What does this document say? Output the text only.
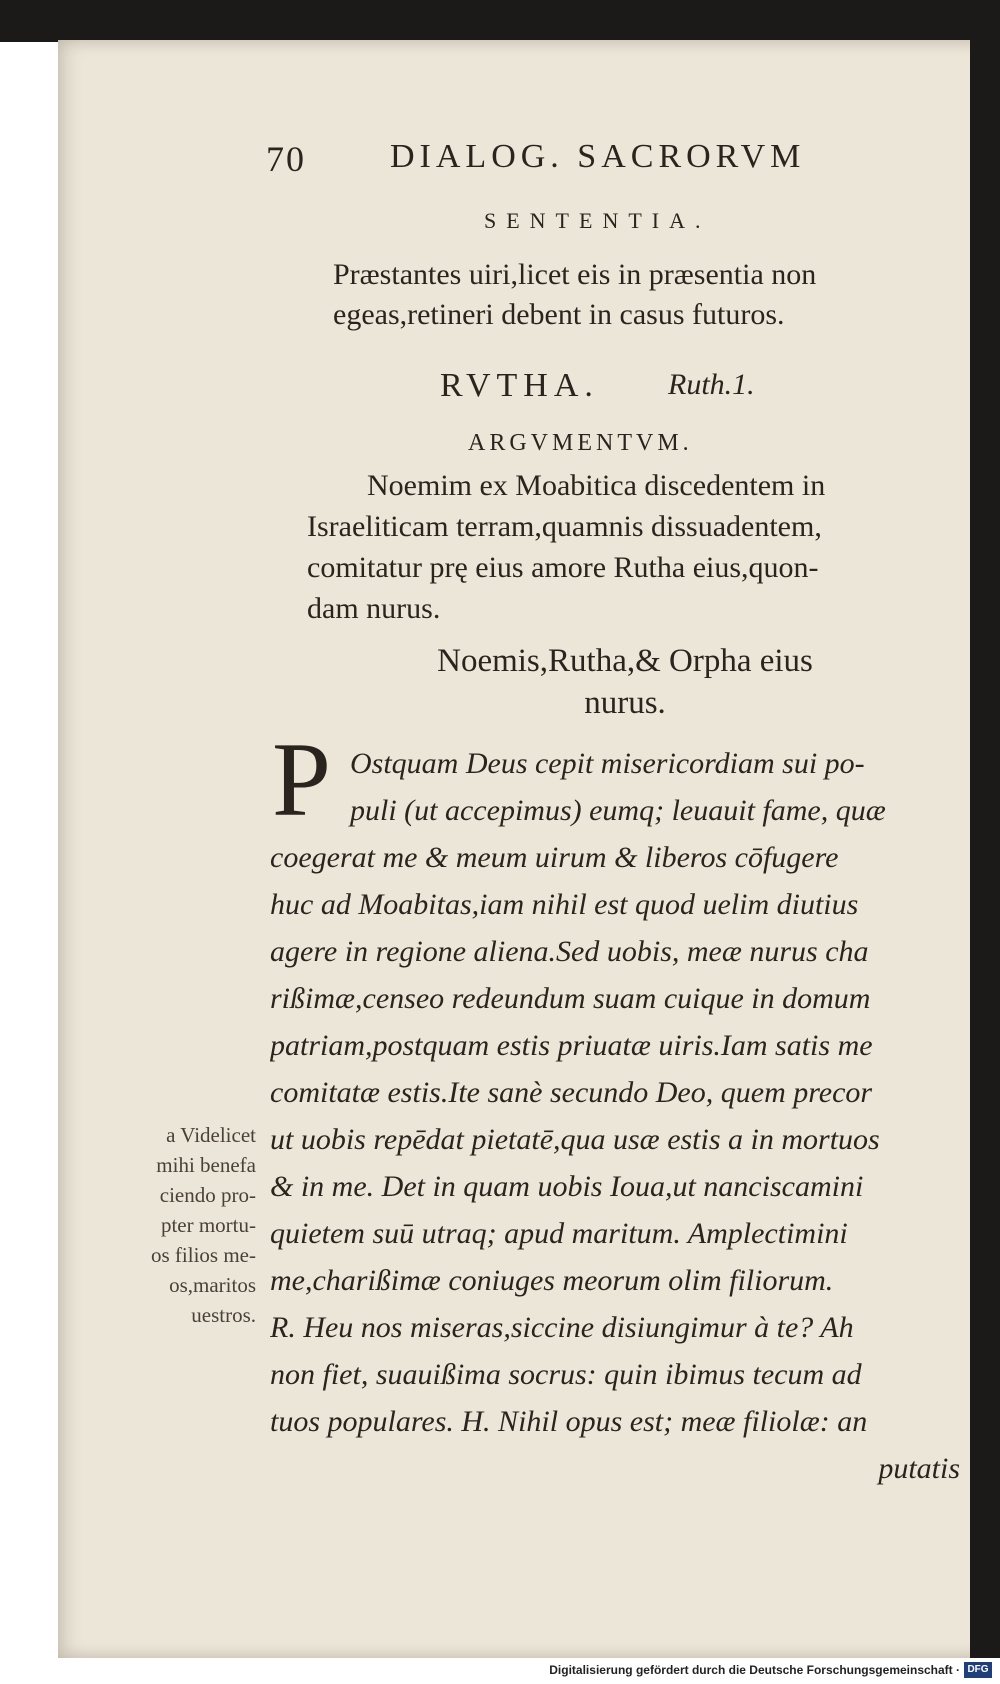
70 DIALOG. SACRORVM
SENTENTIA.
Præstantes uiri,licet eis in præsentia non
egeas,retineri debent in casus futuros.
RVTHA. Ruth.1.
ARGVMENTVM.
Noemim ex Moabitica discedentem in
Israeliticam terram,quamnis dissuadentem,
comitatur prę eius amore Rutha eius,quon-
dam nurus.
Noemis,Rutha,& Orpha eius nurus.
P Ostquam Deus cepit misericordiam sui po-
puli (ut accepimus) eumq; leuauit fame, quæ
coegerat me & meum uirum & liberos cōfugere
huc ad Moabitas,iam nihil est quod uelim diutius
agere in regione aliena.Sed uobis, meæ nurus cha
rißimæ,censeo redeundum suam cuique in domum
patriam,postquam estis priuatæ uiris.Iam satis me
comitatæ estis.Ite sanè secundo Deo, quem precor
ut uobis repēdat pietatē,qua usæ estis a in mortuos
& in me. Det in quam uobis Ioua,ut nanciscamini
quietem suū utraq; apud maritum. Amplectimini
me,charißimæ coniuges meorum olim filiorum.
R. Heu nos miseras,siccine disiungimur à te? Ah
non fiet, suauißima socrus: quin ibimus tecum ad
tuos populares. H. Nihil opus est; meæ filiolæ: an
putatis
a Videlicet
mihi benefa
ciendo pro-
pter mortu-
os filios me-
os,maritos
uestros.
Digitalisierung gefördert durch die Deutsche Forschungsgemeinschaft · DFG
